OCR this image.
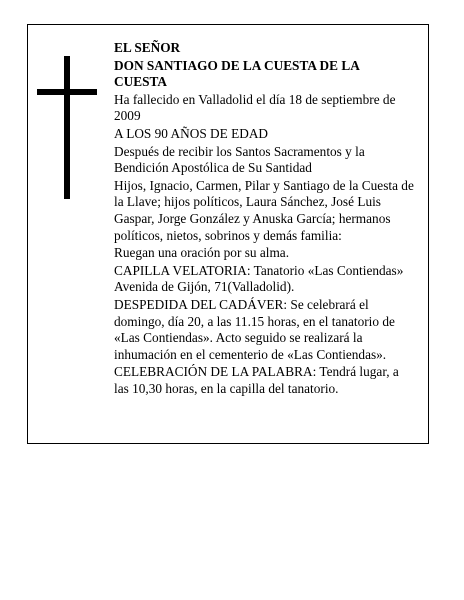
EL SEÑOR

DON SANTIAGO DE LA CUESTA DE LA CUESTA

Ha fallecido en Valladolid el día 18 de septiembre de 2009

A LOS 90 AÑOS DE EDAD

Después de recibir los Santos Sacramentos y la Bendición Apostólica de Su Santidad

Hijos, Ignacio, Carmen, Pilar y Santiago de la Cuesta de la Llave; hijos políticos, Laura Sánchez, José Luis Gaspar, Jorge González y Anuska García; hermanos políticos, nietos, sobrinos y demás familia:

Ruegan una oración por su alma.

CAPILLA VELATORIA: Tanatorio «Las Contiendas» Avenida de Gijón, 71(Valladolid).

DESPEDIDA DEL CADÁVER: Se celebrará el domingo, día 20, a las 11.15 horas, en el tanatorio de «Las Contiendas». Acto seguido se realizará la inhumación en el cementerio de «Las Contiendas».

CELEBRACIÓN DE LA PALABRA: Tendrá lugar, a las 10,30 horas, en la capilla del tanatorio.
